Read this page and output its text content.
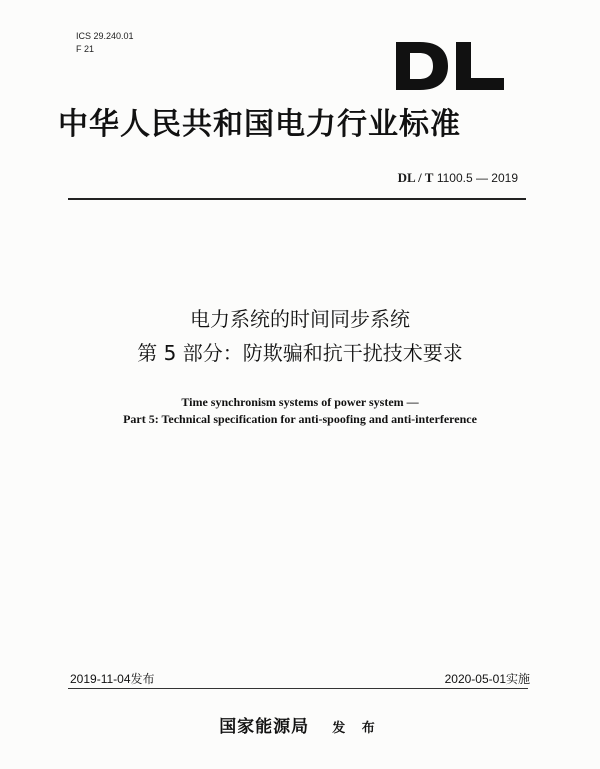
ICS 29.240.01
F 21
中华人民共和国电力行业标准
DL / T 1100.5 — 2019
电力系统的时间同步系统
第 5 部分：防欺骗和抗干扰技术要求
Time synchronism systems of power system —
Part 5: Technical specification for anti-spoofing and anti-interference
2019-11-04发布	2020-05-01实施
国家能源局 发 布
